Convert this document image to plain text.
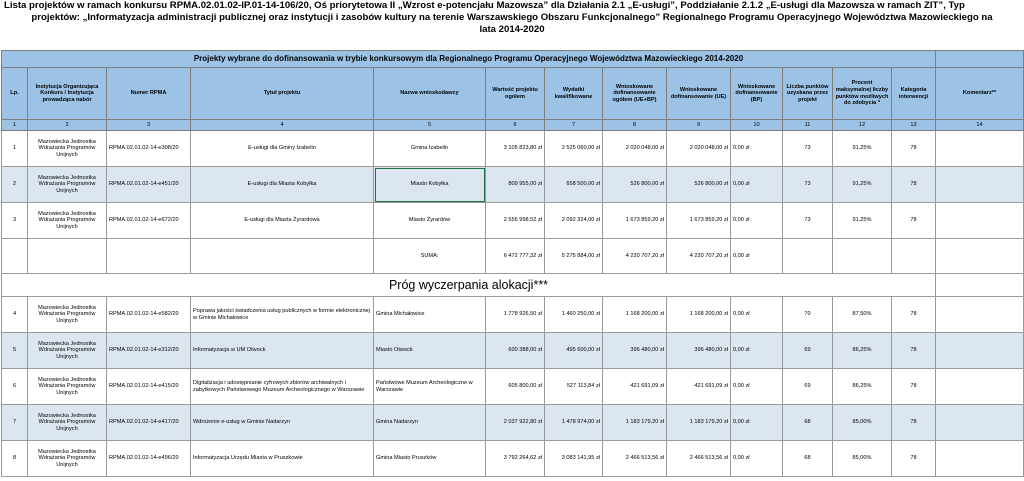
Lista projektów w ramach konkursu RPMA.02.01.02-IP.01-14-106/20, Oś priorytetowa II „Wzrost e-potencjału Mazowsza” dla Działania 2.1 „E-usługi”, Poddziałanie 2.1.2 „E-usługi dla Mazowsza w ramach ZIT”, Typ
projektów: „Informatyzacja administracji publicznej oraz instytucji i zasobów kultury na terenie Warszawskiego Obszaru Funkcjonalnego” Regionalnego Programu Operacyjnego Województwa Mazowieckiego na
lata 2014-2020
Projekty wybrane do dofinansowania w trybie konkursowym dla Regionalnego Programu Operacyjnego Województwa Mazowieckiego 2014-2020													
Lp.	Instytucja Organizująca Konkurs / Instytucja prowadząca nabór	Numer RPMA	Tytuł projektu	Nazwa wnioskodawcy	Wartość projektu ogółem	Wydatki kwalifikowane	Wnioskowane dofinansowanie ogółem (UE+BP)	Wnioskowane dofinansowanie (UE)	Wnioskowane dofinansowanie (BP)	Liczba punktów uzyskana przez projekt	Procent maksymalnej liczby punktów możliwych do zdobycia *	Kategoria interwencji	Komentarz**
1	2	3	4	5	6	7	8	9	10	11	12	13	14
1	Mazowiecka Jednostka Wdrażania Programów Unijnych	RPMA.02.01.02-14-e308/20	E-usługi dla Gminy Izabelin	Gmina Izabelin	3 105 823,80 zł	2 525 060,00 zł	2 020 048,00 zł	2 020 048,00 zł	0,00 zł	73	91,25%	78	
2	Mazowiecka Jednostka Wdrażania Programów Unijnych	RPMA.02.01.02-14-e451/20	E-usługi dla Miasta Kobyłka	Miasto Kobyłka	809 955,00 zł	658 500,00 zł	526 800,00 zł	526 800,00 zł	0,00 zł	73	91,25%	78	
3	Mazowiecka Jednostka Wdrażania Programów Unijnych	RPMA.02.01.02-14-e672/20	E-usługi dla Miasta Żyrardowa	Miasto Żyrardów	2 556 998,52 zł	2 092 324,00 zł	1 673 859,20 zł	1 673 859,20 zł	0,00 zł	73	91,25%	78	
				SUMA:	6 472 777,32 zł	5 275 884,00 zł	4 220 707,20 zł	4 220 707,20 zł	0,00 zł				
Próg wyczerpania alokacji***													
4	Mazowiecka Jednostka Wdrażania Programów Unijnych	RPMA.02.01.02-14-e582/20	Poprawa jakości świadczenia usług publicznych w formie elektronicznej w Gminie Michałowice	Gmina Michałowice	1 778 926,50 zł	1 460 250,00 zł	1 168 200,00 zł	1 168 200,00 zł	0,00 zł	70	87,50%	78	
5	Mazowiecka Jednostka Wdrażania Programów Unijnych	RPMA.02.01.02-14-e312/20	Informatyzacja w UM Otwock	Miasto Otwock	600 388,00 zł	495 600,00 zł	396 480,00 zł	396 480,00 zł	0,00 zł	69	86,25%	78	
6	Mazowiecka Jednostka Wdrażania Programów Unijnych	RPMA.02.01.02-14-e415/20	Digitalizacja i udostępnianie cyfrowych zbiorów archiwalnych i zabytkowych Państwowego Muzeum Archeologicznego w Warszawie	Państwowe Muzeum Archeologiczne w Warszawie	605 800,00 zł	527 113,84 zł	421 691,09 zł	421 691,09 zł	0,00 zł	69	86,25%	78	
7	Mazowiecka Jednostka Wdrażania Programów Unijnych	RPMA.02.01.02-14-e417/20	Wdrożenie e-usług w Gminie Nadarzyn	Gmina Nadarzyn	2 037 922,80 zł	1 478 974,00 zł	1 183 179,20 zł	1 183 179,20 zł	0,00 zł	68	85,00%	78	
8	Mazowiecka Jednostka Wdrażania Programów Unijnych	RPMA.02.01.02-14-e496/20	Informatyzacja Urzędu Miasta w Pruszkowie	Gmina Miasto Pruszków	3 792 264,62 zł	3 083 141,95 zł	2 466 513,56 zł	2 466 513,56 zł	0,00 zł	68	85,00%	78	
